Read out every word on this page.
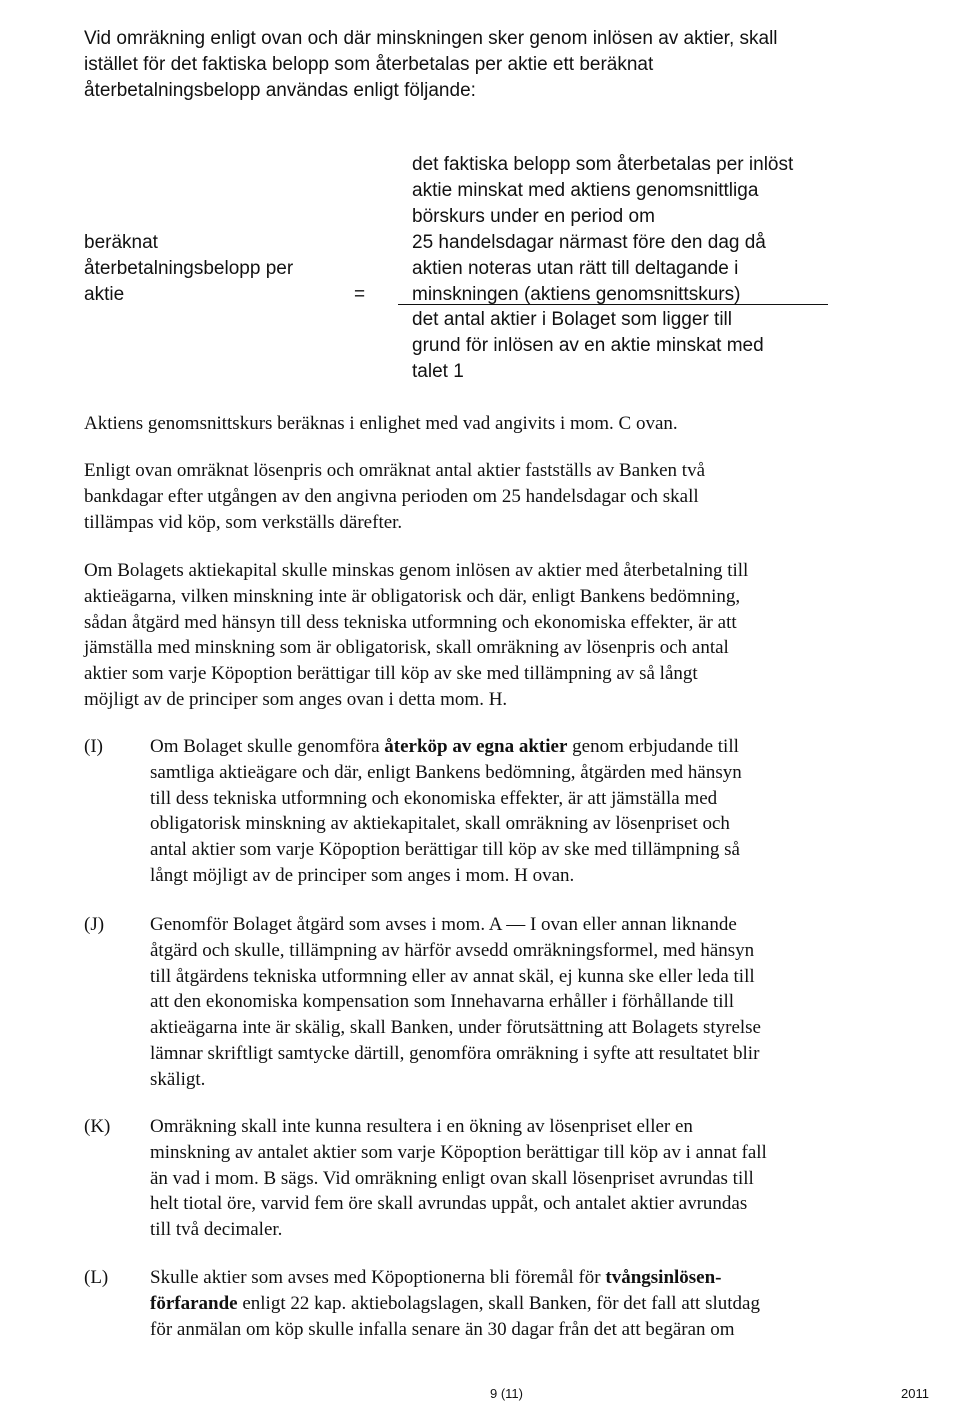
Vid omräkning enligt ovan och där minskningen sker genom inlösen av aktier, skall
istället för det faktiska belopp som återbetalas per aktie ett beräknat
återbetalningsbelopp användas enligt följande:
beräknat
återbetalningsbelopp per
aktie	=
det faktiska belopp som återbetalas per inlöst
aktie minskat med aktiens genomsnittliga
börskurs under en period om
25 handelsdagar närmast före den dag då
aktien noteras utan rätt till deltagande i
minskningen (aktiens genomsnittskurs)
det antal aktier i Bolaget som ligger till
grund för inlösen av en aktie minskat med
talet 1
Aktiens genomsnittskurs beräknas i enlighet med vad angivits i mom. C ovan.
Enligt ovan omräknat lösenpris och omräknat antal aktier fastställs av Banken två
bankdagar efter utgången av den angivna perioden om 25 handelsdagar och skall
tillämpas vid köp, som verkställs därefter.
Om Bolagets aktiekapital skulle minskas genom inlösen av aktier med återbetalning till
aktieägarna, vilken minskning inte är obligatorisk och där, enligt Bankens bedömning,
sådan åtgärd med hänsyn till dess tekniska utformning och ekonomiska effekter, är att
jämställa med minskning som är obligatorisk, skall omräkning av lösenpris och antal
aktier som varje Köpoption berättigar till köp av ske med tillämpning av så långt
möjligt av de principer som anges ovan i detta mom. H.
(I) Om Bolaget skulle genomföra återköp av egna aktier genom erbjudande till
samtliga aktieägare och där, enligt Bankens bedömning, åtgärden med hänsyn
till dess tekniska utformning och ekonomiska effekter, är att jämställa med
obligatorisk minskning av aktiekapitalet, skall omräkning av lösenpriset och
antal aktier som varje Köpoption berättigar till köp av ske med tillämpning så
långt möjligt av de principer som anges i mom. H ovan.
(J) Genomför Bolaget åtgärd som avses i mom. A — I ovan eller annan liknande
åtgärd och skulle, tillämpning av härför avsedd omräkningsformel, med hänsyn
till åtgärdens tekniska utformning eller av annat skäl, ej kunna ske eller leda till
att den ekonomiska kompensation som Innehavarna erhåller i förhållande till
aktieägarna inte är skälig, skall Banken, under förutsättning att Bolagets styrelse
lämnar skriftligt samtycke därtill, genomföra omräkning i syfte att resultatet blir
skäligt.
(K) Omräkning skall inte kunna resultera i en ökning av lösenpriset eller en
minskning av antalet aktier som varje Köpoption berättigar till köp av i annat fall
än vad i mom. B sägs. Vid omräkning enligt ovan skall lösenpriset avrundas till
helt tiotal öre, varvid fem öre skall avrundas uppåt, och antalet aktier avrundas
till två decimaler.
(L) Skulle aktier som avses med Köpoptionerna bli föremål för tvångsinlösen-
förfarande enligt 22 kap. aktiebolagslagen, skall Banken, för det fall att slutdag
för anmälan om köp skulle infalla senare än 30 dagar från det att begäran om
9 (11)	2011
